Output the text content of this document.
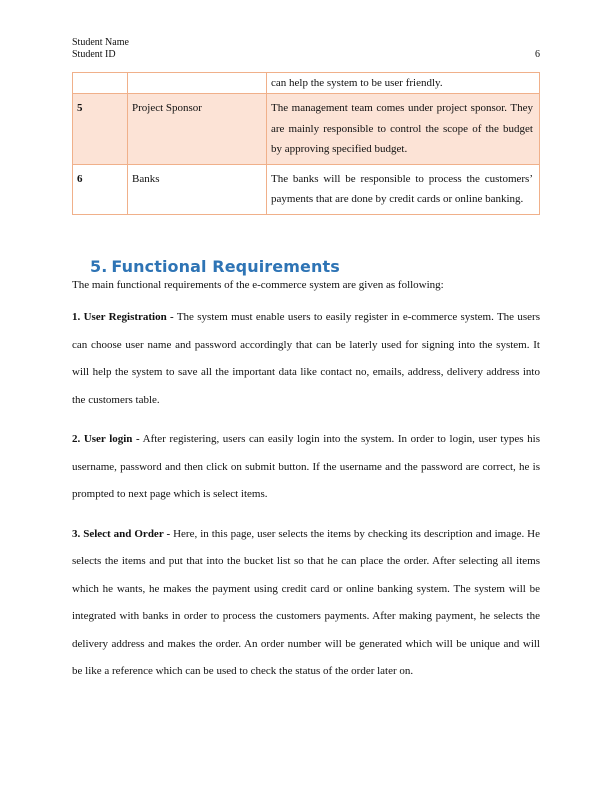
Student Name
Student ID	6
		can help the system to be user friendly.
5	Project Sponsor	The management team comes under project sponsor. They are mainly responsible to control the scope of the budget by approving specified budget.
6	Banks	The banks will be responsible to process the customers’ payments that are done by credit cards or online banking.
5. Functional Requirements

The main functional requirements of the e-commerce system are given as following:

1. User Registration - The system must enable users to easily register in e-commerce system. The users can choose user name and password accordingly that can be laterly used for signing into the system. It will help the system to save all the important data like contact no, emails, address, delivery address into the customers table.

2. User login - After registering, users can easily login into the system. In order to login, user types his username, password and then click on submit button. If the username and the password are correct, he is prompted to next page which is select items.

3. Select and Order - Here, in this page, user selects the items by checking its description and image. He selects the items and put that into the bucket list so that he can place the order. After selecting all items which he wants, he makes the payment using credit card or online banking system. The system will be integrated with banks in order to process the customers payments. After making payment, he selects the delivery address and makes the order. An order number will be generated which will be unique and will be like a reference which can be used to check the status of the order later on.
